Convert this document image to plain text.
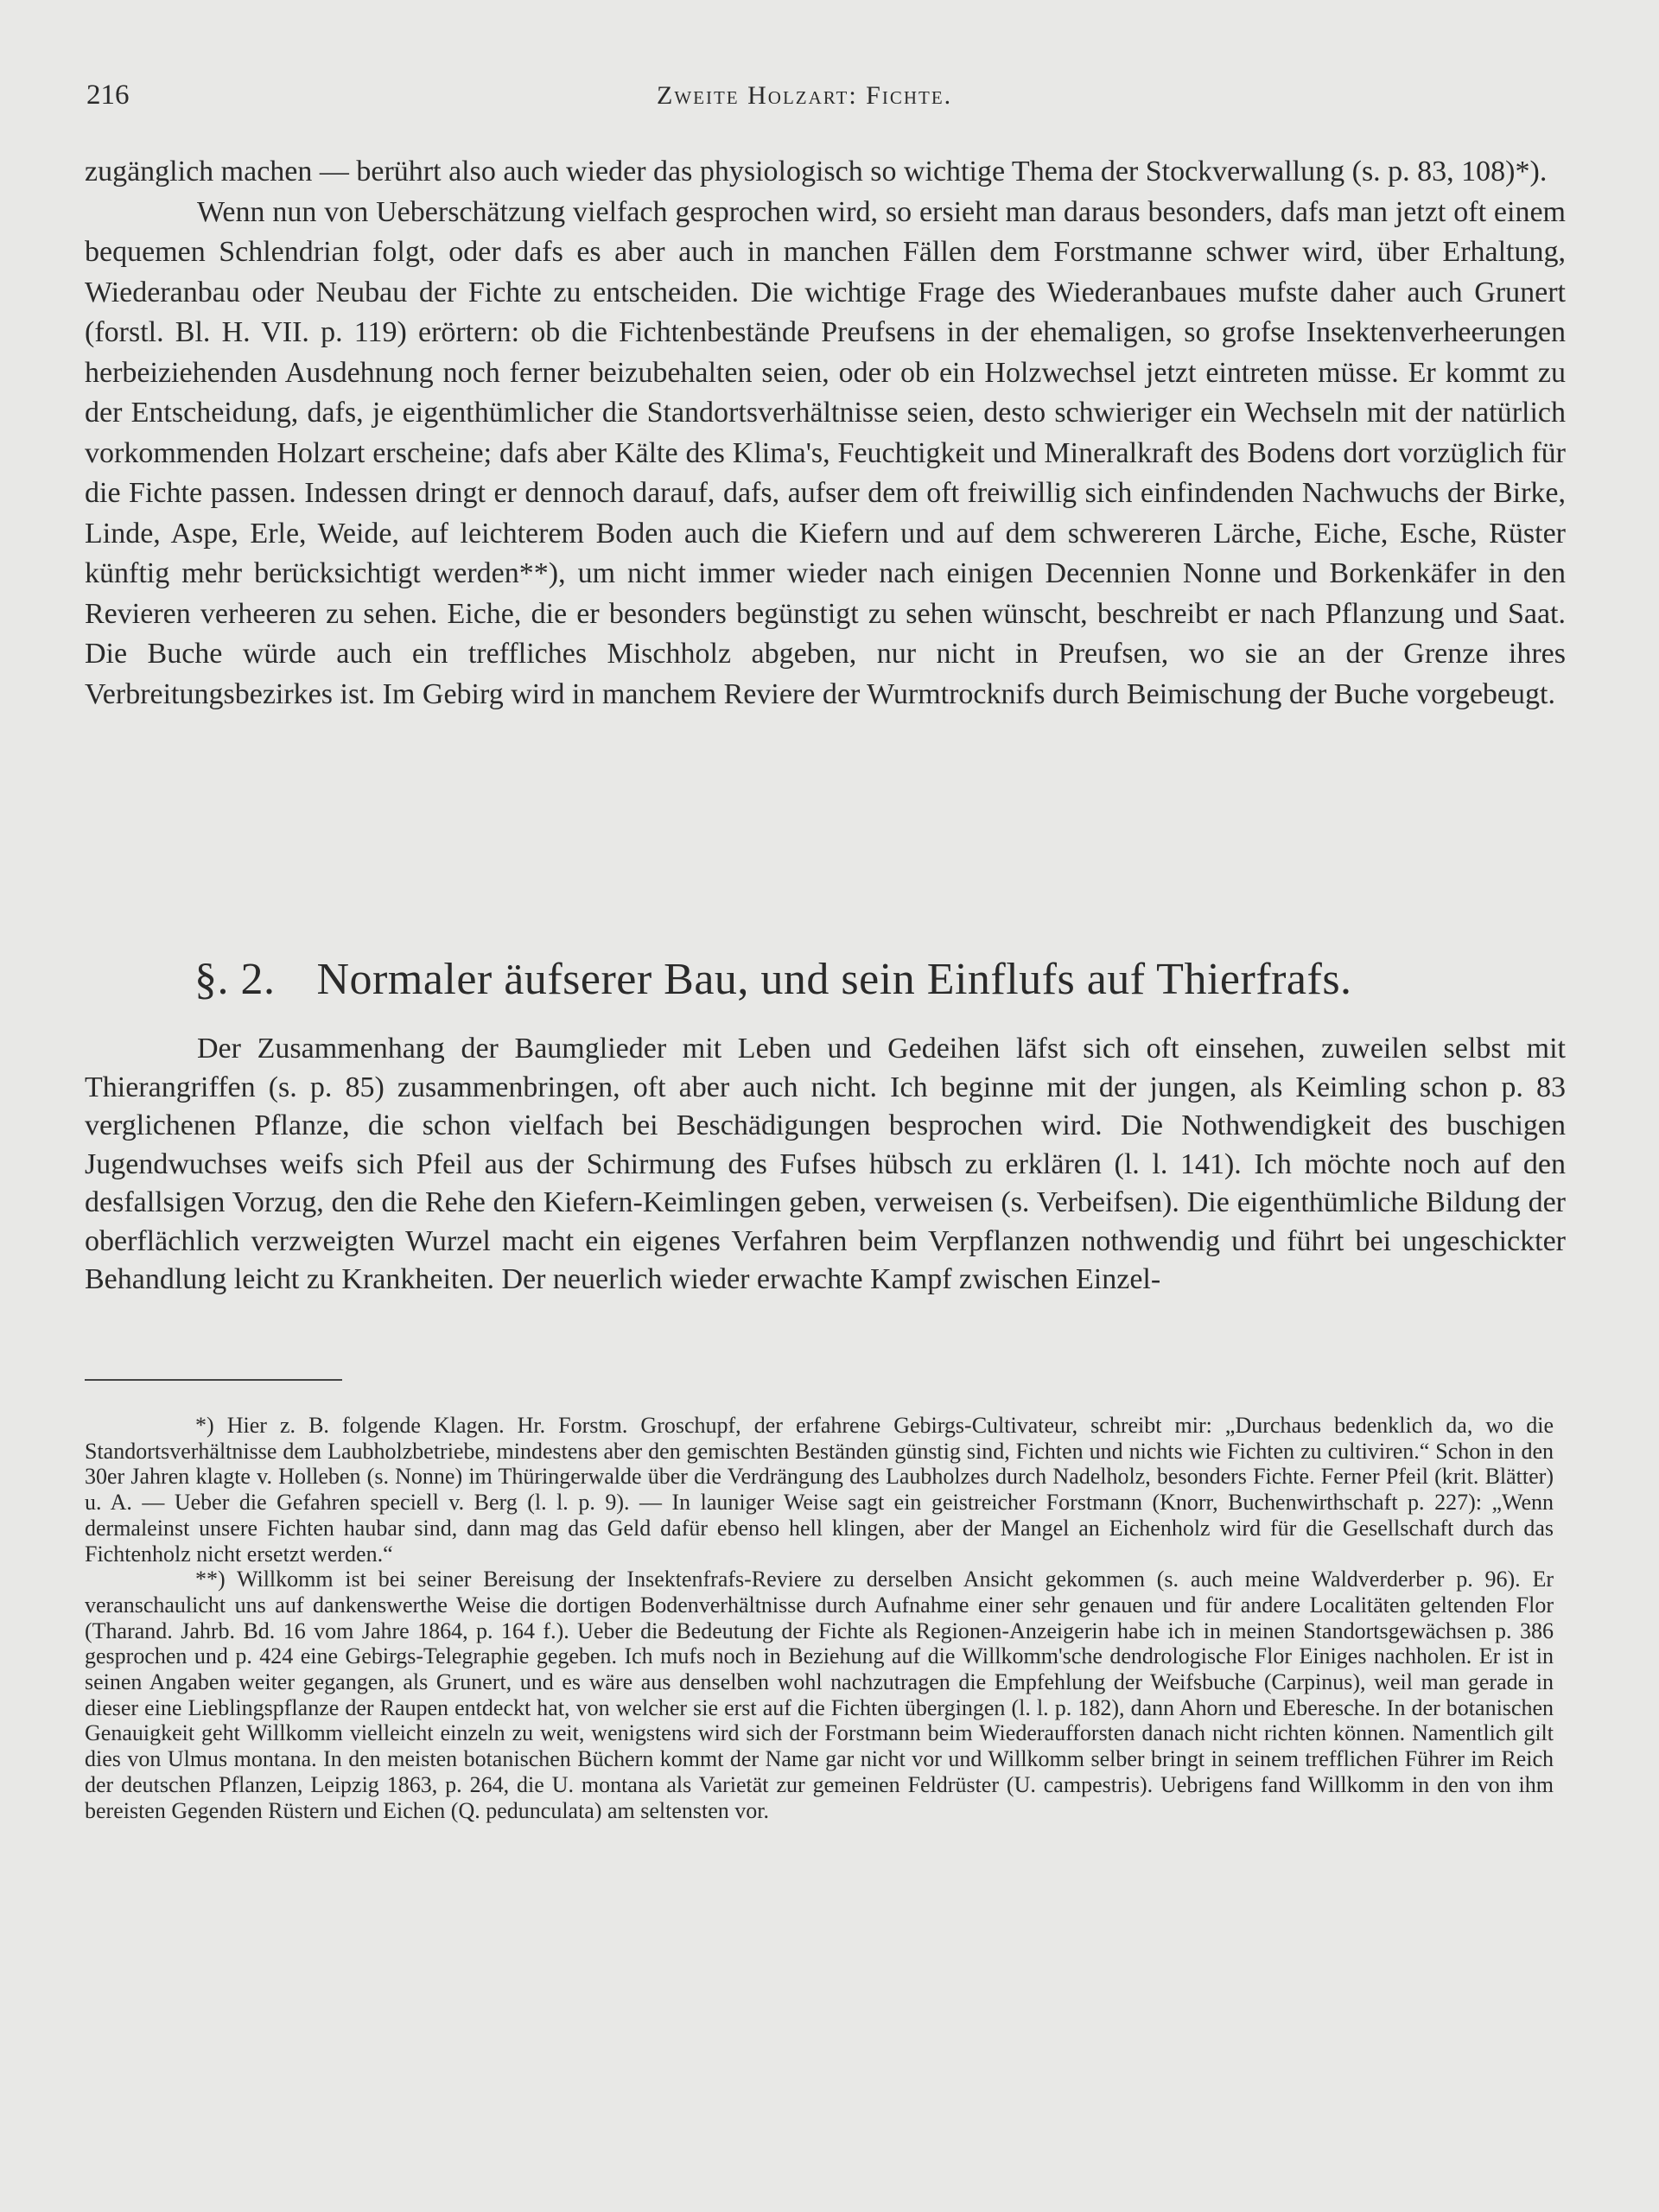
216	Zweite Holzart: Fichte.

zugänglich machen — berührt also auch wieder das physiologisch so wichtige Thema der Stockverwallung (s. p. 83, 108)*).

Wenn nun von Ueberschätzung vielfach gesprochen wird, so ersieht man daraus besonders, dafs man jetzt oft einem bequemen Schlendrian folgt, oder dafs es aber auch in manchen Fällen dem Forstmanne schwer wird, über Erhaltung, Wiederanbau oder Neubau der Fichte zu entscheiden. Die wichtige Frage des Wiederanbaues mufste daher auch Grunert (forstl. Bl. H. VII. p. 119) erörtern: ob die Fichtenbestände Preufsens in der ehemaligen, so grofse Insektenverheerungen herbeiziehenden Ausdehnung noch ferner beizubehalten seien, oder ob ein Holzwechsel jetzt eintreten müsse. Er kommt zu der Entscheidung, dafs, je eigenthümlicher die Standortsverhältnisse seien, desto schwieriger ein Wechseln mit der natürlich vorkommenden Holzart erscheine; dafs aber Kälte des Klima's, Feuchtigkeit und Mineralkraft des Bodens dort vorzüglich für die Fichte passen. Indessen dringt er dennoch darauf, dafs, aufser dem oft freiwillig sich einfindenden Nachwuchs der Birke, Linde, Aspe, Erle, Weide, auf leichterem Boden auch die Kiefern und auf dem schwereren Lärche, Eiche, Esche, Rüster künftig mehr berücksichtigt werden**), um nicht immer wieder nach einigen Decennien Nonne und Borkenkäfer in den Revieren verheeren zu sehen. Eiche, die er besonders begünstigt zu sehen wünscht, beschreibt er nach Pflanzung und Saat. Die Buche würde auch ein treffliches Mischholz abgeben, nur nicht in Preufsen, wo sie an der Grenze ihres Verbreitungsbezirkes ist. Im Gebirg wird in manchem Reviere der Wurmtrocknifs durch Beimischung der Buche vorgebeugt.

§. 2. Normaler äufserer Bau, und sein Einflufs auf Thierfrafs.

Der Zusammenhang der Baumglieder mit Leben und Gedeihen läfst sich oft einsehen, zuweilen selbst mit Thierangriffen (s. p. 85) zusammenbringen, oft aber auch nicht. Ich beginne mit der jungen, als Keimling schon p. 83 verglichenen Pflanze, die schon vielfach bei Beschädigungen besprochen wird. Die Nothwendigkeit des buschigen Jugendwuchses weifs sich Pfeil aus der Schirmung des Fufses hübsch zu erklären (l. l. 141). Ich möchte noch auf den desfallsigen Vorzug, den die Rehe den Kiefern-Keimlingen geben, verweisen (s. Verbeifsen). Die eigenthümliche Bildung der oberflächlich verzweigten Wurzel macht ein eigenes Verfahren beim Verpflanzen nothwendig und führt bei ungeschickter Behandlung leicht zu Krankheiten. Der neuerlich wieder erwachte Kampf zwischen Einzel-

*) Hier z. B. folgende Klagen. Hr. Forstm. Groschupf, der erfahrene Gebirgs-Cultivateur, schreibt mir: „Durchaus bedenklich da, wo die Standortsverhältnisse dem Laubholzbetriebe, mindestens aber den gemischten Beständen günstig sind, Fichten und nichts wie Fichten zu cultiviren.“ Schon in den 30er Jahren klagte v. Holleben (s. Nonne) im Thüringerwalde über die Verdrängung des Laubholzes durch Nadelholz, besonders Fichte. Ferner Pfeil (krit. Blätter) u. A. — Ueber die Gefahren speciell v. Berg (l. l. p. 9). — In launiger Weise sagt ein geistreicher Forstmann (Knorr, Buchenwirthschaft p. 227): „Wenn dermaleinst unsere Fichten haubar sind, dann mag das Geld dafür ebenso hell klingen, aber der Mangel an Eichenholz wird für die Gesellschaft durch das Fichtenholz nicht ersetzt werden.“

**) Willkomm ist bei seiner Bereisung der Insektenfrafs-Reviere zu derselben Ansicht gekommen (s. auch meine Waldverderber p. 96). Er veranschaulicht uns auf dankenswerthe Weise die dortigen Bodenverhältnisse durch Aufnahme einer sehr genauen und für andere Localitäten geltenden Flor (Tharand. Jahrb. Bd. 16 vom Jahre 1864, p. 164 f.). Ueber die Bedeutung der Fichte als Regionen-Anzeigerin habe ich in meinen Standortsgewächsen p. 386 gesprochen und p. 424 eine Gebirgs-Telegraphie gegeben. Ich mufs noch in Beziehung auf die Willkomm'sche dendrologische Flor Einiges nachholen. Er ist in seinen Angaben weiter gegangen, als Grunert, und es wäre aus denselben wohl nachzutragen die Empfehlung der Weifsbuche (Carpinus), weil man gerade in dieser eine Lieblingspflanze der Raupen entdeckt hat, von welcher sie erst auf die Fichten übergingen (l. l. p. 182), dann Ahorn und Eberesche. In der botanischen Genauigkeit geht Willkomm vielleicht einzeln zu weit, wenigstens wird sich der Forstmann beim Wiederaufforsten danach nicht richten können. Namentlich gilt dies von Ulmus montana. In den meisten botanischen Büchern kommt der Name gar nicht vor und Willkomm selber bringt in seinem trefflichen Führer im Reich der deutschen Pflanzen, Leipzig 1863, p. 264, die U. montana als Varietät zur gemeinen Feldrüster (U. campestris). Uebrigens fand Willkomm in den von ihm bereisten Gegenden Rüstern und Eichen (Q. pedunculata) am seltensten vor.
